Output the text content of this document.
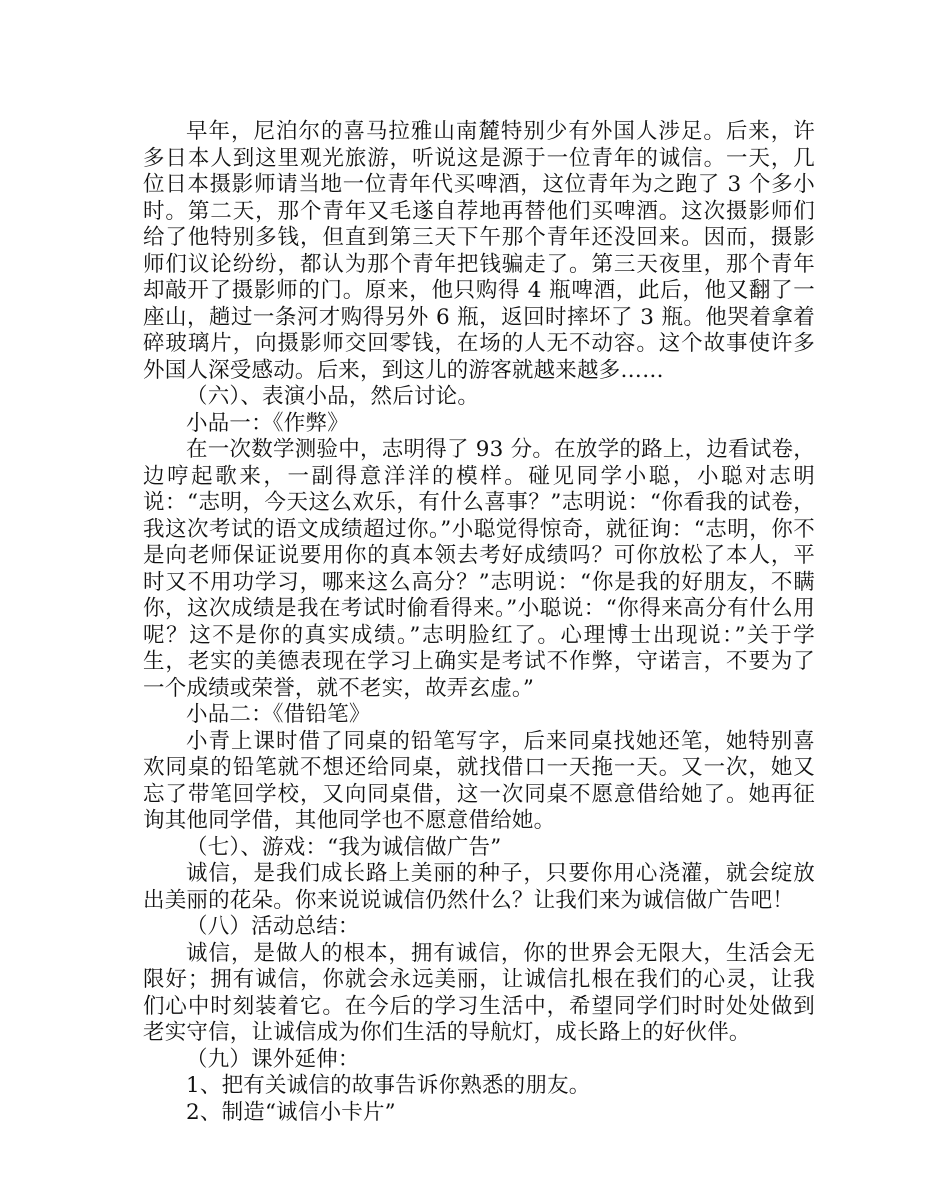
早年，尼泊尔的喜马拉雅山南麓特别少有外国人涉足。后来，许多日本人到这里观光旅游，听说这是源于一位青年的诚信。一天，几位日本摄影师请当地一位青年代买啤酒，这位青年为之跑了 3 个多小时。第二天，那个青年又毛遂自荐地再替他们买啤酒。这次摄影师们给了他特别多钱，但直到第三天下午那个青年还没回来。因而，摄影师们议论纷纷，都认为那个青年把钱骗走了。第三天夜里，那个青年却敲开了摄影师的门。原来，他只购得 4 瓶啤酒，此后，他又翻了一座山，趟过一条河才购得另外 6 瓶，返回时摔坏了 3 瓶。他哭着拿着碎玻璃片，向摄影师交回零钱，在场的人无不动容。这个故事使许多外国人深受感动。后来，到这儿的游客就越来越多……

（六）、表演小品，然后讨论。

小品一：《作弊》

在一次数学测验中，志明得了 93 分。在放学的路上，边看试卷，边哼起歌来，一副得意洋洋的模样。碰见同学小聪，小聪对志明说：“志明，今天这么欢乐，有什么喜事？”志明说：“你看我的试卷，我这次考试的语文成绩超过你。”小聪觉得惊奇，就征询：“志明，你不是向老师保证说要用你的真本领去考好成绩吗？可你放松了本人，平时又不用功学习，哪来这么高分？”志明说：“你是我的好朋友，不瞒你，这次成绩是我在考试时偷看得来。”小聪说：“你得来高分有什么用呢？这不是你的真实成绩。”志明脸红了。心理博士出现说：”关于学生，老实的美德表现在学习上确实是考试不作弊，守诺言，不要为了一个成绩或荣誉，就不老实，故弄玄虚。”

小品二：《借铅笔》

小青上课时借了同桌的铅笔写字，后来同桌找她还笔，她特别喜欢同桌的铅笔就不想还给同桌，就找借口一天拖一天。又一次，她又忘了带笔回学校，又向同桌借，这一次同桌不愿意借给她了。她再征询其他同学借，其他同学也不愿意借给她。

（七）、游戏：“我为诚信做广告”

诚信，是我们成长路上美丽的种子，只要你用心浇灌，就会绽放出美丽的花朵。你来说说诚信仍然什么？让我们来为诚信做广告吧！

（八）活动总结：

诚信，是做人的根本，拥有诚信，你的世界会无限大，生活会无限好；拥有诚信，你就会永远美丽，让诚信扎根在我们的心灵，让我们心中时刻装着它。在今后的学习生活中，希望同学们时时处处做到老实守信，让诚信成为你们生活的导航灯，成长路上的好伙伴。

（九）课外延伸：

1、把有关诚信的故事告诉你熟悉的朋友。

2、制造“诚信小卡片”
